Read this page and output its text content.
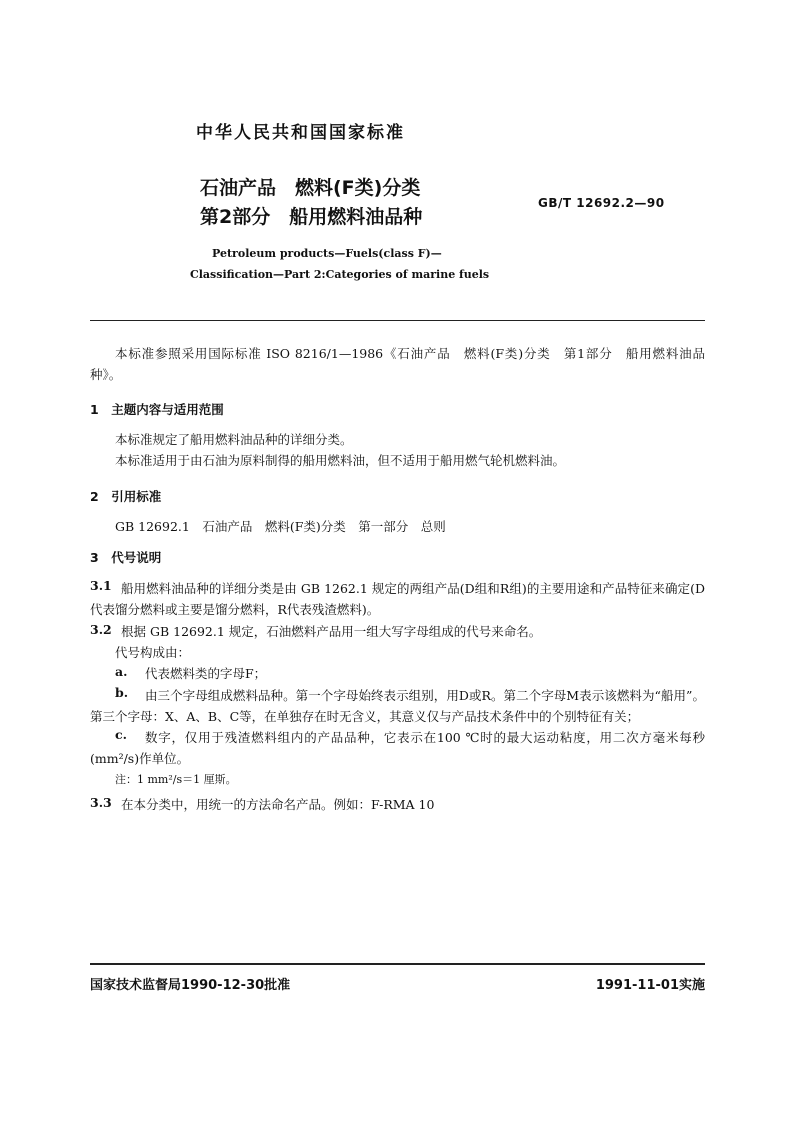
中华人民共和国国家标准
石油产品　燃料(F类)分类
第2部分　船用燃料油品种
GB/T 12692.2—90
Petroleum products—Fuels(class F)—
Classification—Part 2:Categories of marine fuels
本标准参照采用国际标准 ISO 8216/1—1986《石油产品　燃料(F类)分类　第1部分　船用燃料油品种》。
1　主题内容与适用范围
本标准规定了船用燃料油品种的详细分类。
本标准适用于由石油为原料制得的船用燃料油，但不适用于船用燃气轮机燃料油。
2　引用标准
GB 12692.1　石油产品　燃料(F类)分类　第一部分　总则
3　代号说明
3.1 船用燃料油品种的详细分类是由 GB 1262.1 规定的两组产品(D组和R组)的主要用途和产品特征来确定(D代表馏分燃料或主要是馏分燃料，R代表残渣燃料)。
3.2 根据 GB 12692.1 规定，石油燃料产品用一组大写字母组成的代号来命名。
代号构成由：
a. 代表燃料类的字母F；
b.	由三个字母组成燃料品种。第一个字母始终表示组别，用D或R。第二个字母M表示该燃料为“船用”。第三个字母：X、A、B、C等，在单独存在时无含义，其意义仅与产品技术条件中的个别特征有关；
c.	数字，仅用于残渣燃料组内的产品品种，它表示在100 ℃时的最大运动粘度，用二次方毫米每秒(mm²/s)作单位。
注：1 mm²/s＝1 厘斯。
3.3 在本分类中，用统一的方法命名产品。例如：F-RMA 10
国家技术监督局1990-12-30批准	1991-11-01实施
